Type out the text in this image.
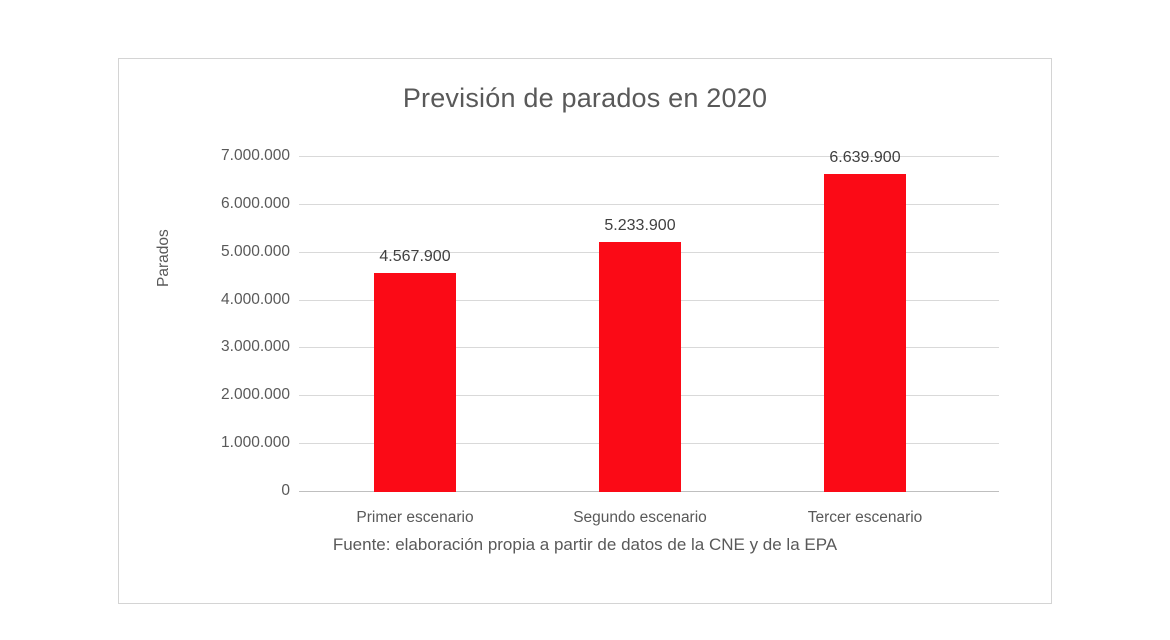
Previsión de parados en 2020
Parados
0
1.000.000
2.000.000
3.000.000
4.000.000
5.000.000
6.000.000
7.000.000
4.567.900
Primer escenario
5.233.900
Segundo escenario
6.639.900
Tercer escenario
Fuente: elaboración propia a partir de datos de la CNE y de la EPA
